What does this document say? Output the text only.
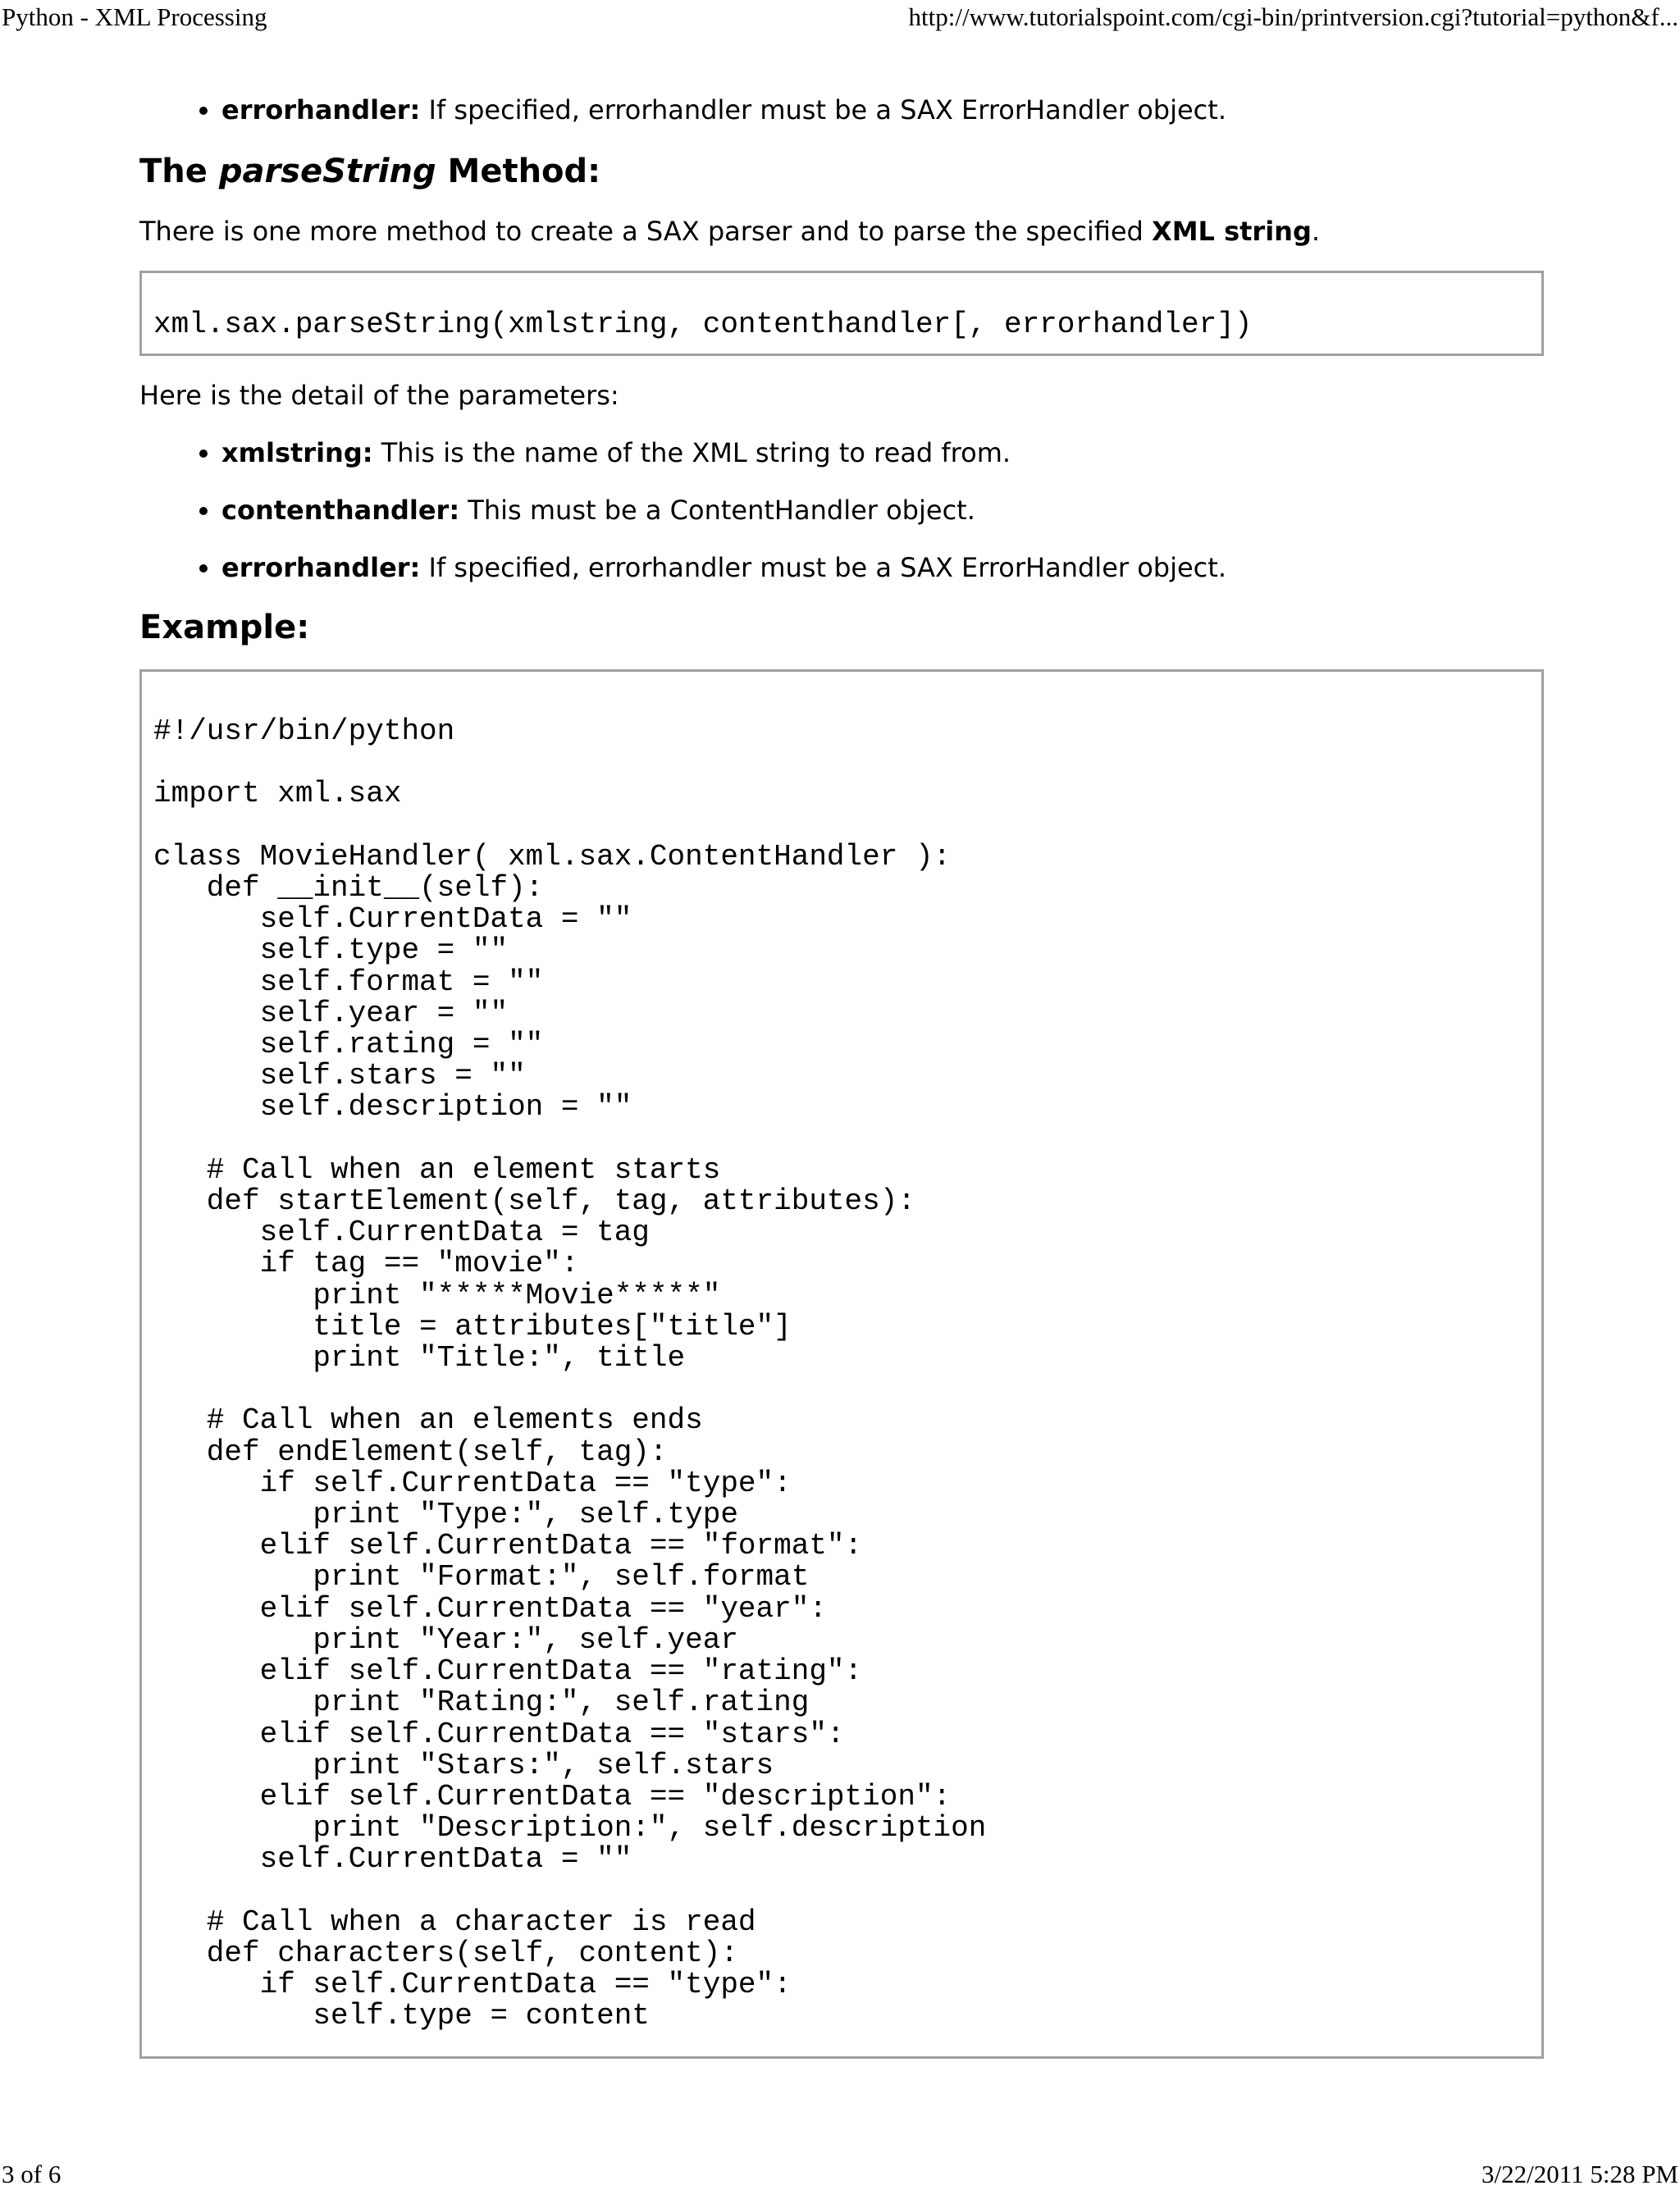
Python - XML Processing	http://www.tutorialspoint.com/cgi-bin/printversion.cgi?tutorial=python&f...
• errorhandler: If specified, errorhandler must be a SAX ErrorHandler object.
The parseString Method:

There is one more method to create a SAX parser and to parse the specified XML string.

xml.sax.parseString(xmlstring, contenthandler[, errorhandler])

Here is the detail of the parameters:

• xmlstring: This is the name of the XML string to read from.
• contenthandler: This must be a ContentHandler object.
• errorhandler: If specified, errorhandler must be a SAX ErrorHandler object.
Example:
#!/usr/bin/python

import xml.sax

class MovieHandler( xml.sax.ContentHandler ):
def __init__(self):
self.CurrentData = ""
self.type = ""
self.format = ""
self.year = ""
self.rating = ""
self.stars = ""
self.description = ""

# Call when an element starts
def startElement(self, tag, attributes):
self.CurrentData = tag
if tag == "movie":
print "*****Movie*****"
title = attributes["title"]
print "Title:", title

# Call when an elements ends
def endElement(self, tag):
if self.CurrentData == "type":
print "Type:", self.type
elif self.CurrentData == "format":
print "Format:", self.format
elif self.CurrentData == "year":
print "Year:", self.year
elif self.CurrentData == "rating":
print "Rating:", self.rating
elif self.CurrentData == "stars":
print "Stars:", self.stars
elif self.CurrentData == "description":
print "Description:", self.description
self.CurrentData = ""

# Call when a character is read
def characters(self, content):
if self.CurrentData == "type":
self.type = content
3 of 6	3/22/2011 5:28 PM
